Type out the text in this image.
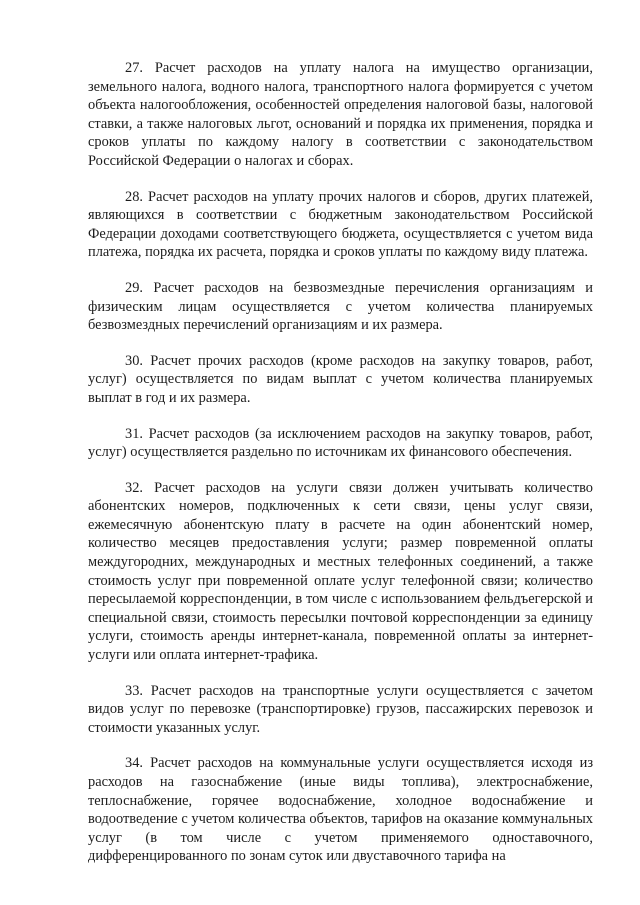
27. Расчет расходов на уплату налога на имущество организации, земельного налога, водного налога, транспортного налога формируется с учетом объекта налогообложения, особенностей определения налоговой базы, налоговой ставки, а также налоговых льгот, оснований и порядка их применения, порядка и сроков уплаты по каждому налогу в соответствии с законодательством Российской Федерации о налогах и сборах.

28. Расчет расходов на уплату прочих налогов и сборов, других платежей, являющихся в соответствии с бюджетным законодательством Российской Федерации доходами соответствующего бюджета, осуществляется с учетом вида платежа, порядка их расчета, порядка и сроков уплаты по каждому виду платежа.

29. Расчет расходов на безвозмездные перечисления организациям и физическим лицам осуществляется с учетом количества планируемых безвозмездных перечислений организациям и их размера.

30. Расчет прочих расходов (кроме расходов на закупку товаров, работ, услуг) осуществляется по видам выплат с учетом количества планируемых выплат в год и их размера.

31. Расчет расходов (за исключением расходов на закупку товаров, работ, услуг) осуществляется раздельно по источникам их финансового обеспечения.

32. Расчет расходов на услуги связи должен учитывать количество абонентских номеров, подключенных к сети связи, цены услуг связи, ежемесячную абонентскую плату в расчете на один абонентский номер, количество месяцев предоставления услуги; размер повременной оплаты междугородних, международных и местных телефонных соединений, а также стоимость услуг при повременной оплате услуг телефонной связи; количество пересылаемой корреспонденции, в том числе с использованием фельдъегерской и специальной связи, стоимость пересылки почтовой корреспонденции за единицу услуги, стоимость аренды интернет-канала, повременной оплаты за интернет-услуги или оплата интернет-трафика.

33. Расчет расходов на транспортные услуги осуществляется с зачетом видов услуг по перевозке (транспортировке) грузов, пассажирских перевозок и стоимости указанных услуг.

34. Расчет расходов на коммунальные услуги осуществляется исходя из расходов на газоснабжение (иные виды топлива), электроснабжение, теплоснабжение, горячее водоснабжение, холодное водоснабжение и водоотведение с учетом количества объектов, тарифов на оказание коммунальных услуг (в том числе с учетом применяемого одноставочного, дифференцированного по зонам суток или двуставочного тарифа на
